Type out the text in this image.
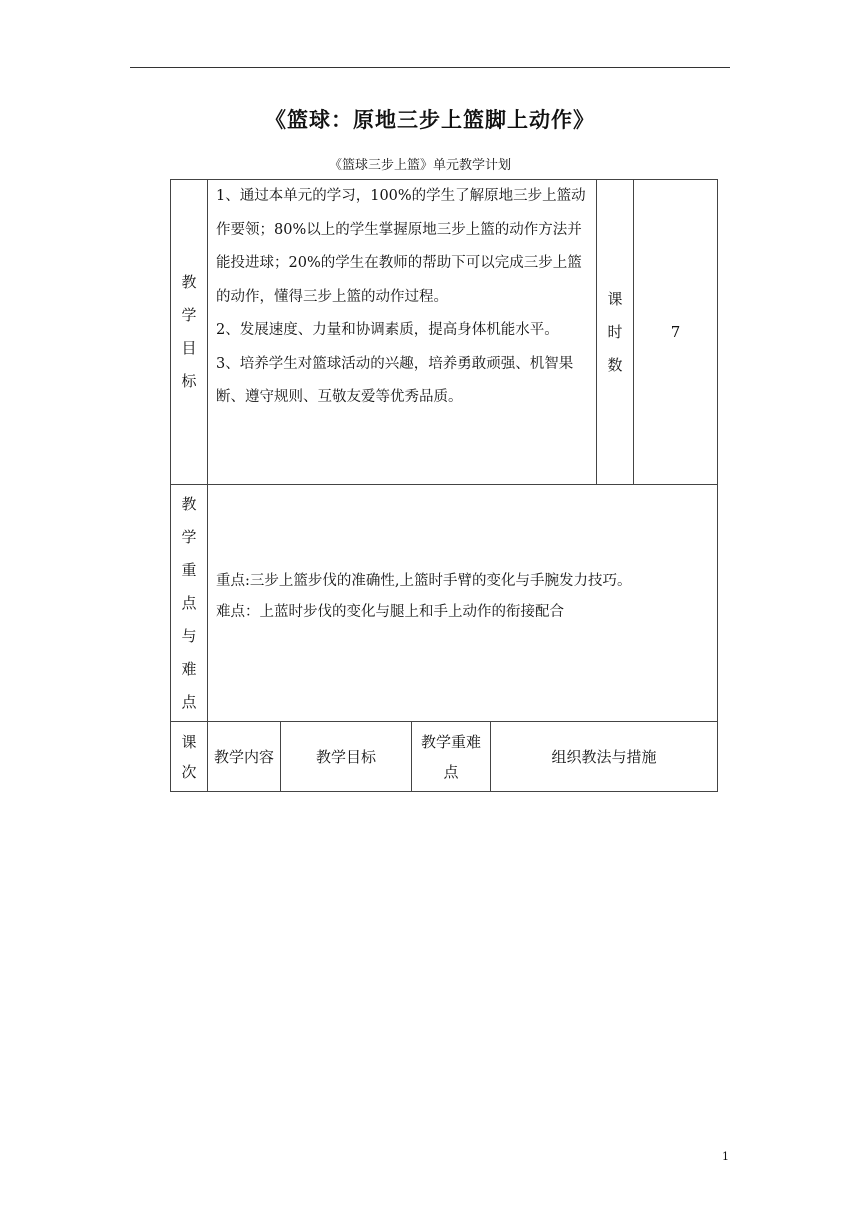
《篮球：原地三步上篮脚上动作》
《篮球三步上篮》单元教学计划
教
学
目
标

1、通过本单元的学习，100%的学生了解原地三步上篮动作要领；80%以上的学生掌握原地三步上篮的动作方法并能投进球；20%的学生在教师的帮助下可以完成三步上篮的动作，懂得三步上篮的动作过程。

2、发展速度、力量和协调素质，提高身体机能水平。

3、培养学生对篮球活动的兴趣，培养勇敢顽强、机智果断、遵守规则、互敬友爱等优秀品质。

课
时
数
7
教
学
重
点
与
难
点

重点:三步上篮步伐的准确性,上篮时手臂的变化与手腕发力技巧。

难点：上蓝时步伐的变化与腿上和手上动作的衔接配合

课
次
教学内容	教学目标
教学重难点
组织教法与措施
1
